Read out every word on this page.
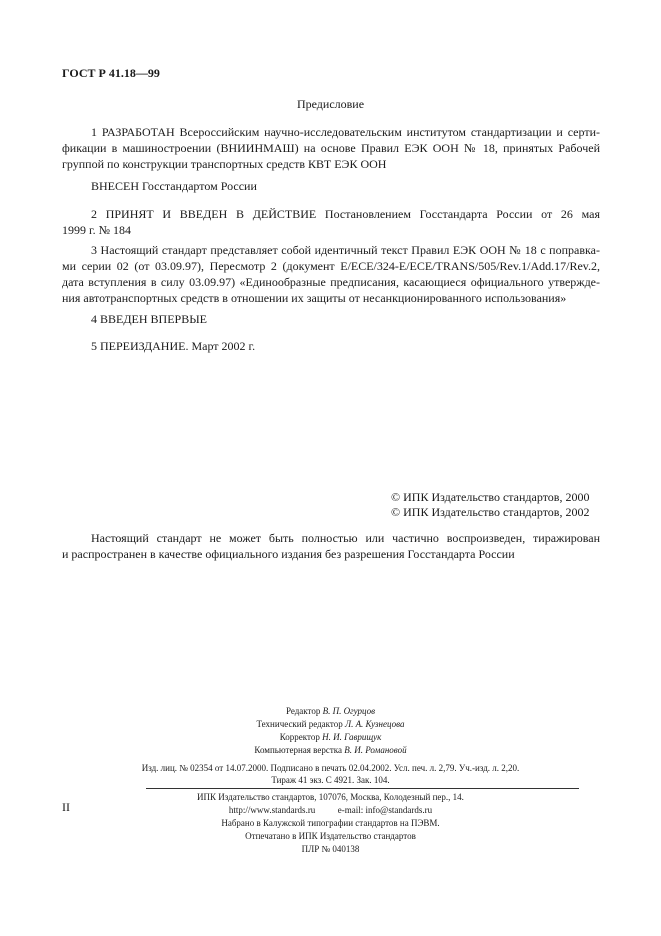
ГОСТ Р 41.18—99
Предисловие
1 РАЗРАБОТАН Всероссийским научно-исследовательским институтом стандартизации и серти-
фикации в машиностроении (ВНИИНМАШ) на основе Правил ЕЭК ООН № 18, принятых Рабочей
группой по конструкции транспортных средств КВТ ЕЭК ООН
ВНЕСЕН Госстандартом России
2 ПРИНЯТ И ВВЕДЕН В ДЕЙСТВИЕ Постановлением Госстандарта России от 26 мая
1999 г. № 184
3 Настоящий стандарт представляет собой идентичный текст Правил ЕЭК ООН № 18 с поправка-
ми серии 02 (от 03.09.97), Пересмотр 2 (документ E/ECE/324-E/ECE/TRANS/505/Rev.1/Add.17/Rev.2,
дата вступления в силу 03.09.97) «Единообразные предписания, касающиеся официального утвержде-
ния автотранспортных средств в отношении их защиты от несанкционированного использования»
4 ВВЕДЕН ВПЕРВЫЕ
5 ПЕРЕИЗДАНИЕ. Март 2002 г.
© ИПК Издательство стандартов, 2000
© ИПК Издательство стандартов, 2002
Настоящий стандарт не может быть полностью или частично воспроизведен, тиражирован
и распространен в качестве официального издания без разрешения Госстандарта России
Редактор В. П. Огурцов
Технический редактор Л. А. Кузнецова
Корректор Н. И. Гаврищук
Компьютерная верстка В. И. Романовой
Изд. лиц. № 02354 от 14.07.2000. Подписано в печать 02.04.2002. Усл. печ. л. 2,79. Уч.-изд. л. 2,20.
Тираж 41 экз. С 4921. Зак. 104.
ИПК Издательство стандартов, 107076, Москва, Колодезный пер., 14.
http://www.standards.ru          e-mail: info@standards.ru
Набрано в Калужской типографии стандартов на ПЭВМ.
Отпечатано в ИПК Издательство стандартов
ПЛР № 040138
II
